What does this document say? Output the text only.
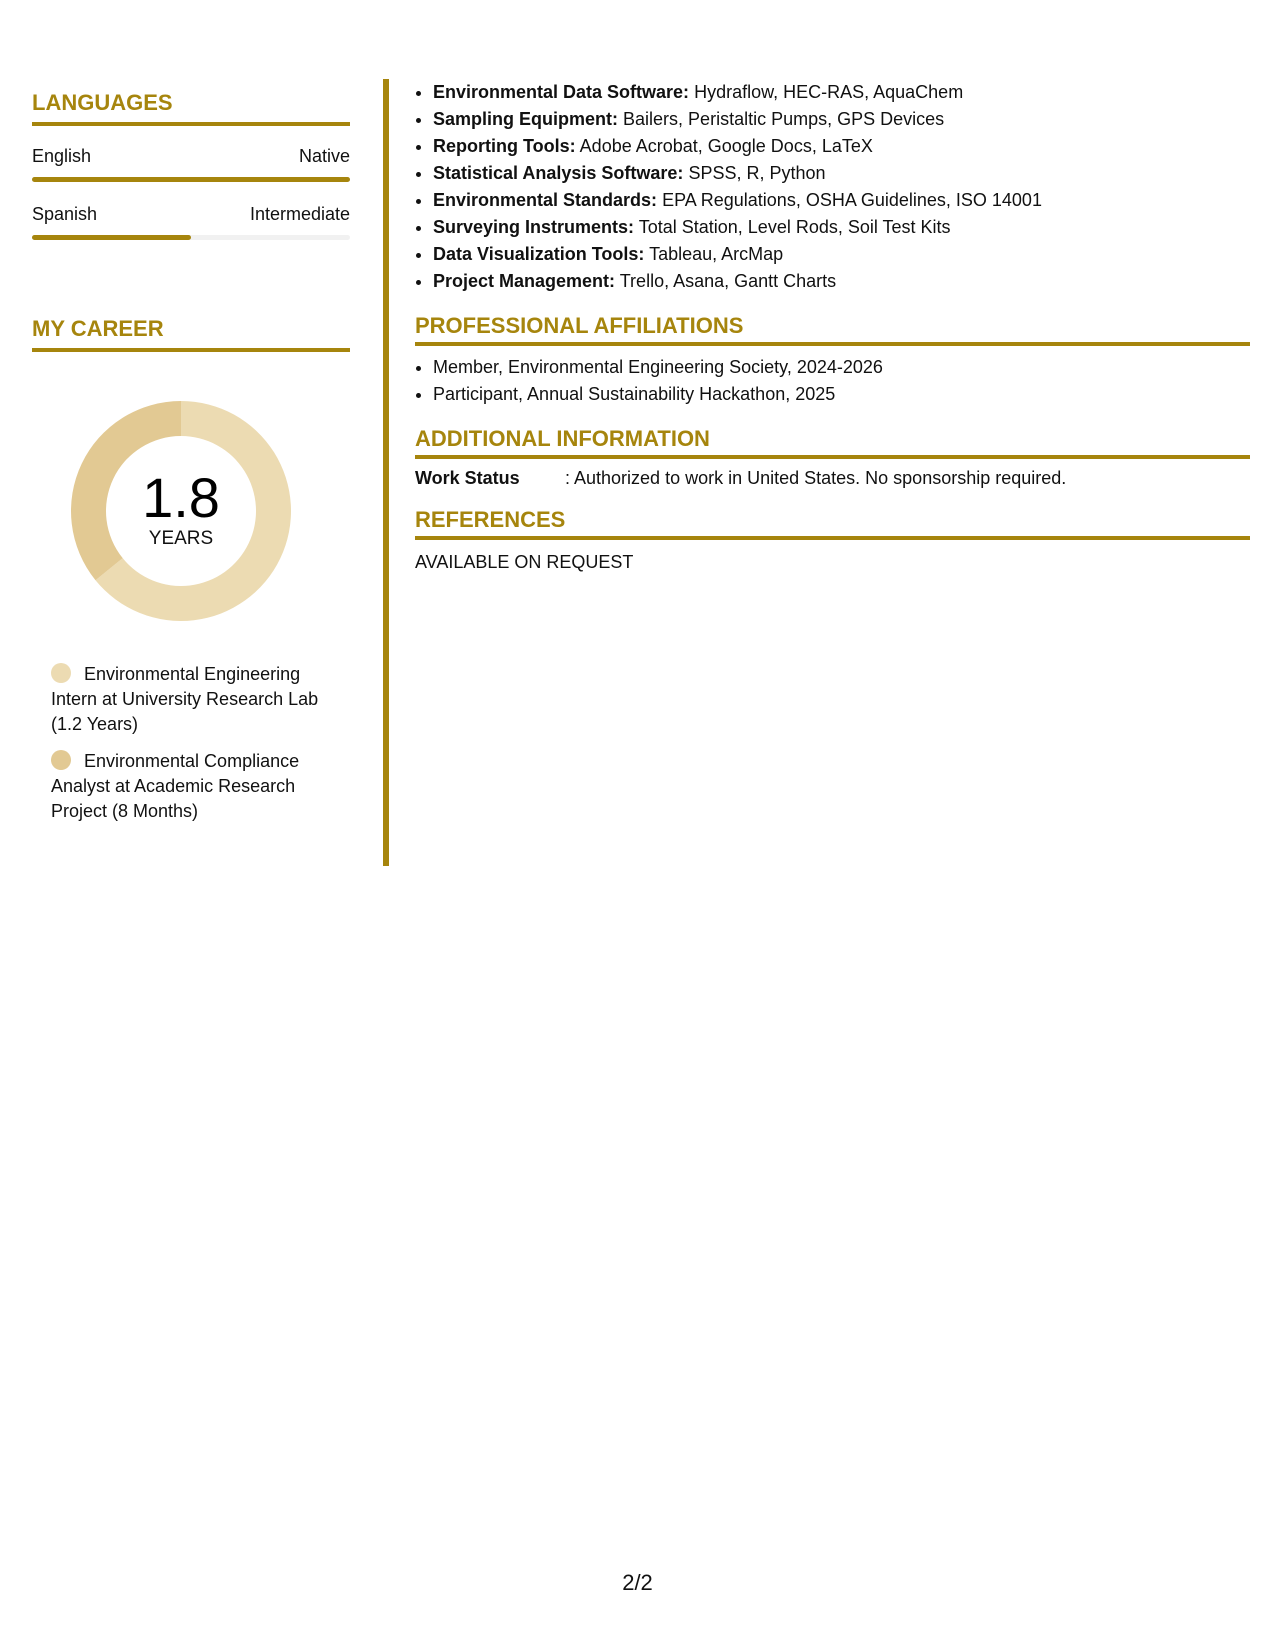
LANGUAGES
English	Native
Spanish	Intermediate
MY CAREER
1.8
YEARS
Environmental Engineering Intern at University Research Lab (1.2 Years)
Environmental Compliance Analyst at Academic Research Project (8 Months)
• Environmental Data Software: Hydraflow, HEC-RAS, AquaChem
• Sampling Equipment: Bailers, Peristaltic Pumps, GPS Devices
• Reporting Tools: Adobe Acrobat, Google Docs, LaTeX
• Statistical Analysis Software: SPSS, R, Python
• Environmental Standards: EPA Regulations, OSHA Guidelines, ISO 14001
• Surveying Instruments: Total Station, Level Rods, Soil Test Kits
• Data Visualization Tools: Tableau, ArcMap
• Project Management: Trello, Asana, Gantt Charts
PROFESSIONAL AFFILIATIONS
• Member, Environmental Engineering Society, 2024-2026
• Participant, Annual Sustainability Hackathon, 2025
ADDITIONAL INFORMATION
Work Status	: Authorized to work in United States. No sponsorship required.
REFERENCES
AVAILABLE ON REQUEST
2/2
